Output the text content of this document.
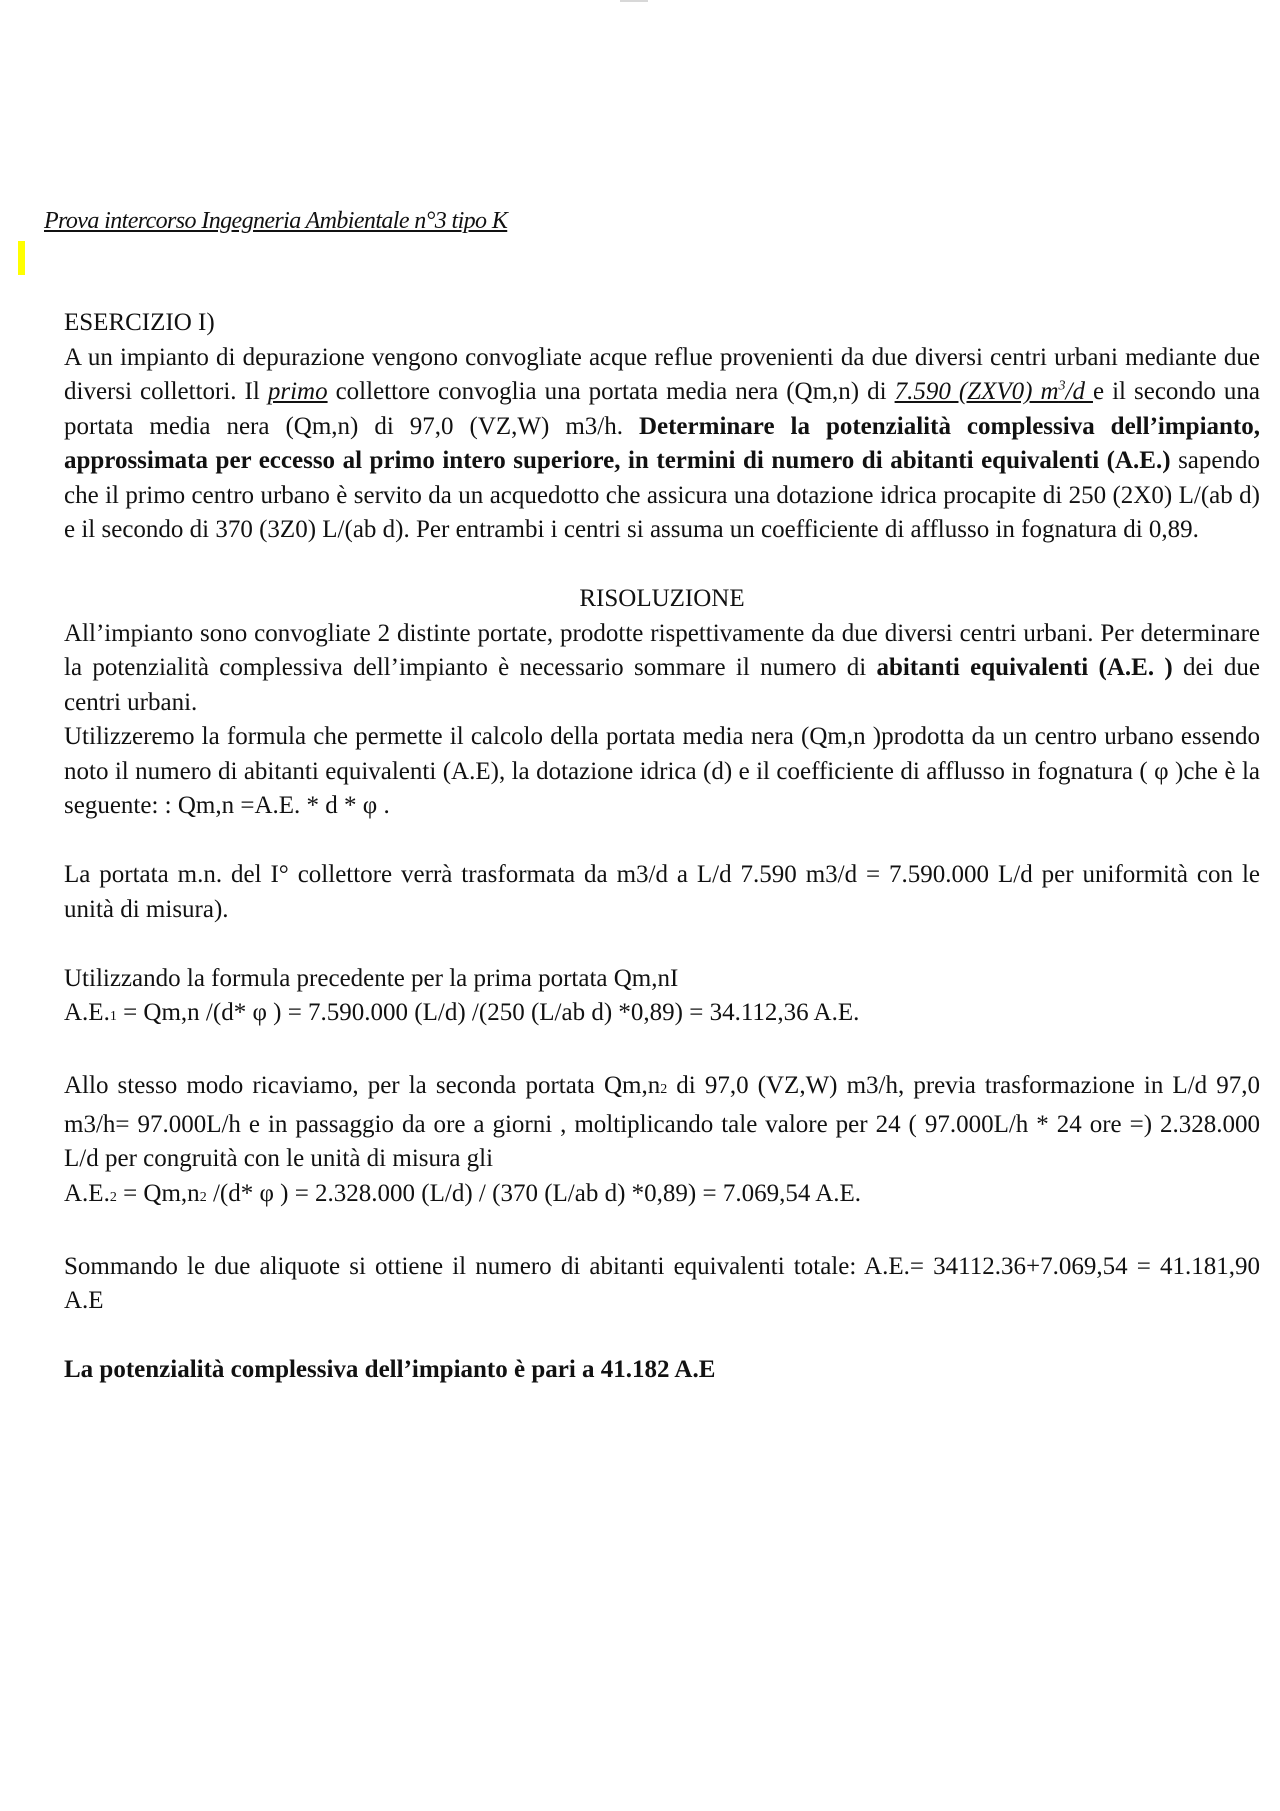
Prova intercorso Ingegneria Ambientale n°3 tipo K

ESERCIZIO I)

A un impianto di depurazione vengono convogliate acque reflue provenienti da due diversi centri urbani mediante due diversi collettori. Il primo collettore convoglia una portata media nera (Qm,n) di 7.590 (ZXV0) $m^3/d$ e il secondo una portata media nera (Qm,n) di 97,0 (VZ,W) m3/h. Determinare la potenzialità complessiva dell’impianto, approssimata per eccesso al primo intero superiore, in termini di numero di abitanti equivalenti (A.E.) sapendo che il primo centro urbano è servito da un acquedotto che assicura una dotazione idrica procapite di 250 (2X0) L/(ab d) e il secondo di 370 (3Z0) L/(ab d). Per entrambi i centri si assuma un coefficiente di afflusso in fognatura di 0,89.

RISOLUZIONE

All’impianto sono convogliate 2 distinte portate, prodotte rispettivamente da due diversi centri urbani. Per determinare la potenzialità complessiva dell’impianto è necessario sommare il numero di abitanti equivalenti (A.E. ) dei due centri urbani.

Utilizzeremo la formula che permette il calcolo della portata media nera (Qm,n )prodotta da un centro urbano essendo noto il numero di abitanti equivalenti (A.E), la dotazione idrica (d) e il coefficiente di afflusso in fognatura ( φ )che è la seguente: : Qm,n =A.E. * d * φ .

La portata m.n. del I° collettore verrà trasformata da m3/d a L/d 7.590 m3/d = 7.590.000 L/d per uniformità con le unità di misura).

Utilizzando la formula precedente per la prima portata Qm,nI

A.E.1 = Qm,n /(d* φ ) = 7.590.000 (L/d) /(250 (L/ab d) *0,89) = 34.112,36 A.E.

Allo stesso modo ricaviamo, per la seconda portata Qm,n2 di 97,0 (VZ,W) m3/h, previa trasformazione in L/d 97,0 m3/h= 97.000L/h e in passaggio da ore a giorni , moltiplicando tale valore per 24 ( 97.000L/h * 24 ore =) 2.328.000 L/d per congruità con le unità di misura gli

A.E.2 = Qm,n2 /(d* φ ) = 2.328.000 (L/d) / (370 (L/ab d) *0,89) = 7.069,54 A.E.

Sommando le due aliquote si ottiene il numero di abitanti equivalenti totale: A.E.= 34112.36+7.069,54 = 41.181,90 A.E

La potenzialità complessiva dell’impianto è pari a 41.182 A.E
